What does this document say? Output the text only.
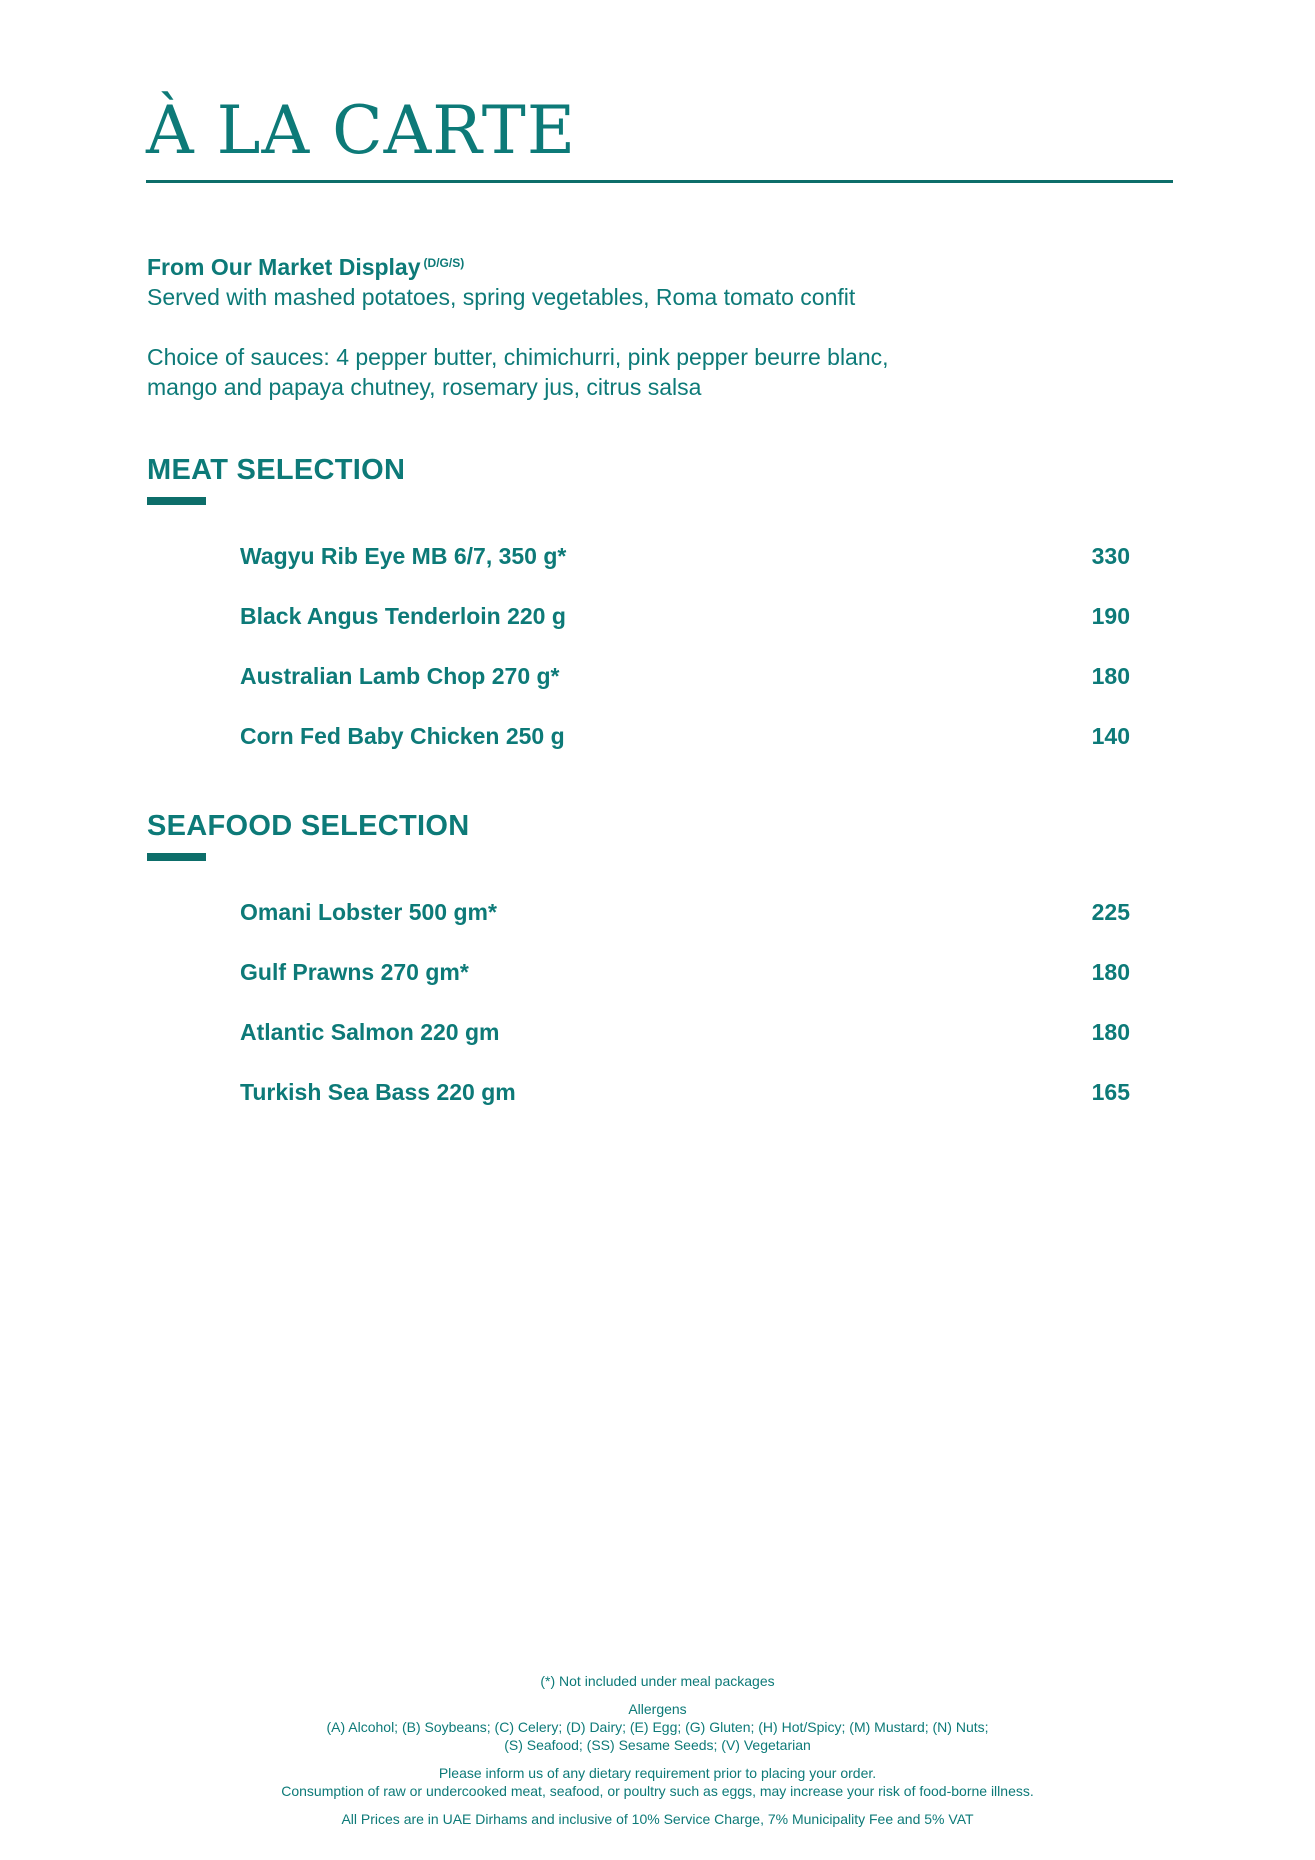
À LA CARTE
From Our Market Display $^{(D/G/S)}$

Served with mashed potatoes, spring vegetables, Roma tomato confit

Choice of sauces: 4 pepper butter, chimichurri, pink pepper beurre blanc,

mango and papaya chutney, rosemary jus, citrus salsa

MEAT SELECTION
Wagyu Rib Eye MB 6/7, 350 g*	330
Black Angus Tenderloin 220 g	190
Australian Lamb Chop 270 g*	180
Corn Fed Baby Chicken 250 g	140
SEAFOOD SELECTION
Omani Lobster 500 gm*	225
Gulf Prawns 270 gm*	180
Atlantic Salmon 220 gm	180
Turkish Sea Bass 220 gm	165

(*) Not included under meal packages

Allergens

(A) Alcohol; (B) Soybeans; (C) Celery; (D) Dairy; (E) Egg; (G) Gluten; (H) Hot/Spicy; (M) Mustard; (N) Nuts;

(S) Seafood; (SS) Sesame Seeds; (V) Vegetarian

Please inform us of any dietary requirement prior to placing your order.

Consumption of raw or undercooked meat, seafood, or poultry such as eggs, may increase your risk of food-borne illness.

All Prices are in UAE Dirhams and inclusive of 10% Service Charge, 7% Municipality Fee and 5% VAT
